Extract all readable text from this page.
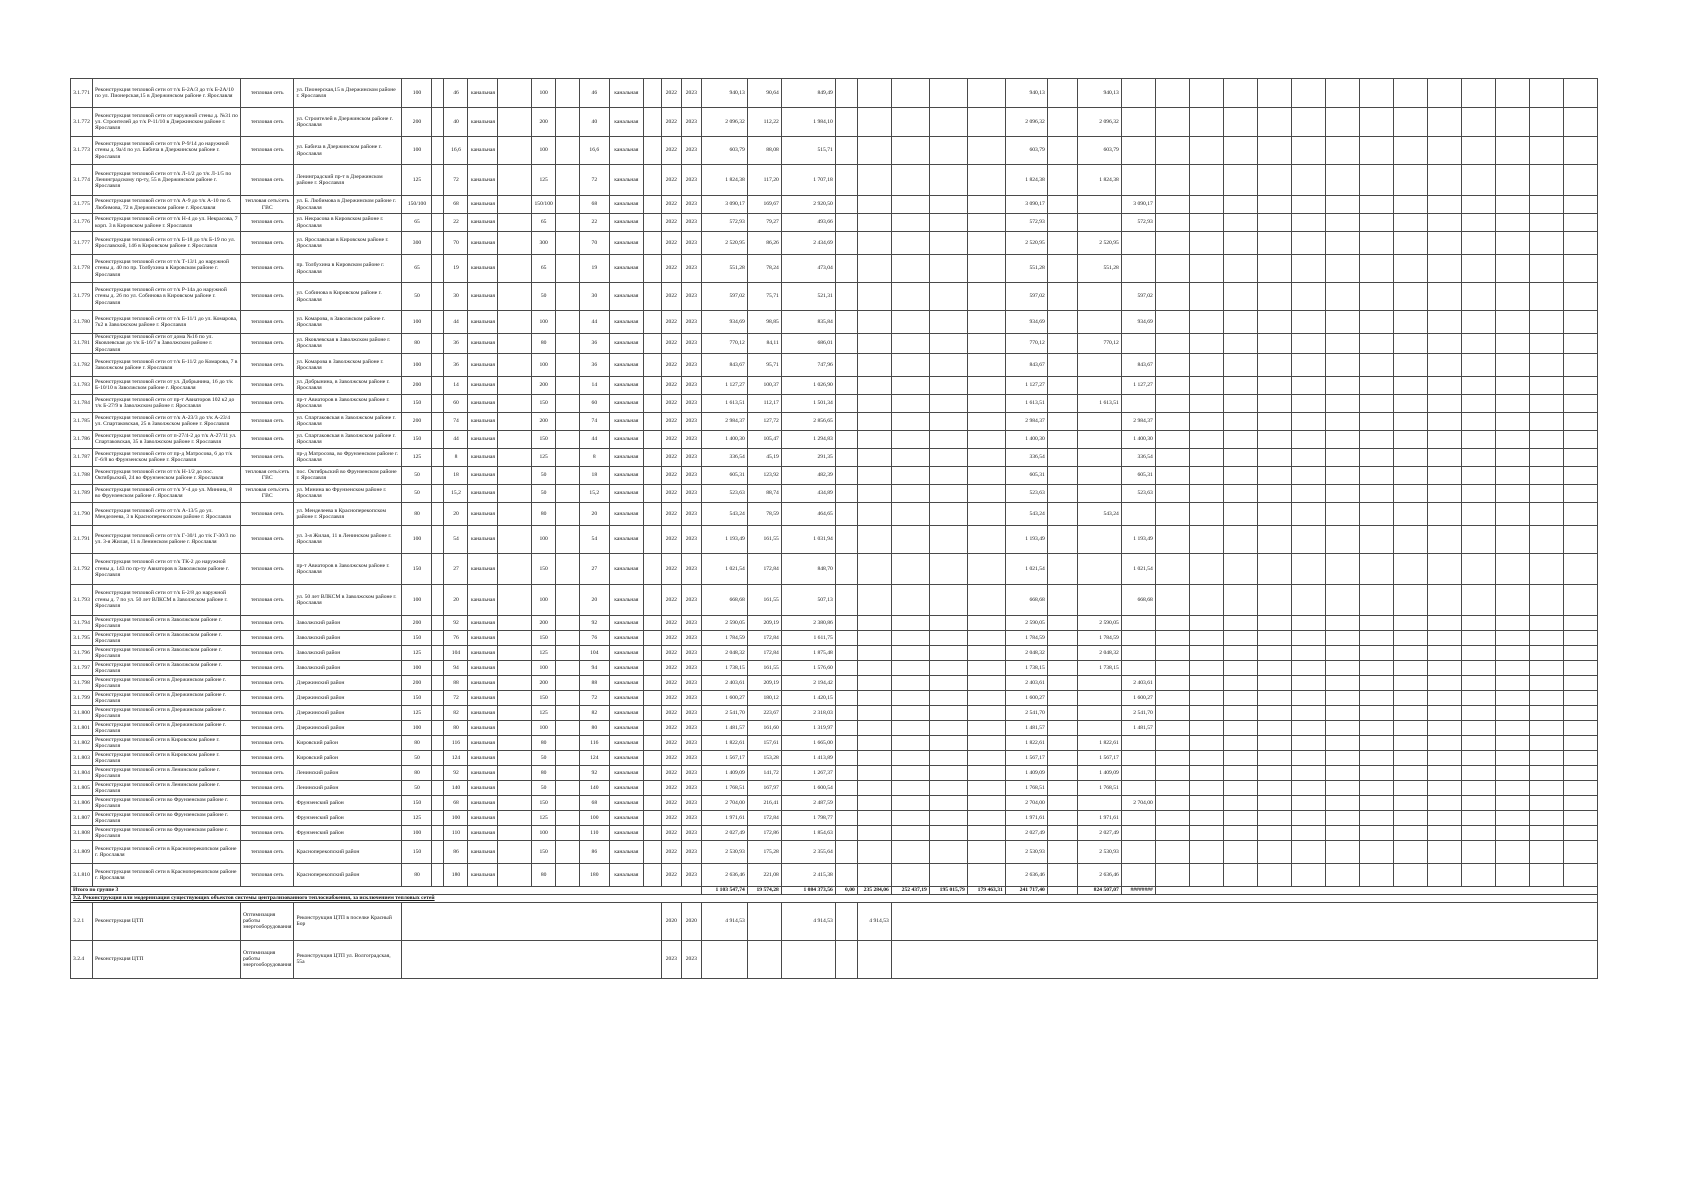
3.1.771	Реконструкция тепловой сети от т/к Б-2А/3 до т/к Б-2А/10 по ул. Пионерская,15 в Дзержинском районе г. Ярославля	тепловая сеть	ул. Пионерская,15 в Дзержинском районе г. Ярославля	100		46	канальная		100		46	канальная		2022	2023	940,13	90,64	849,49						940,13		940,13														
3.1.772	Реконструкция тепловой сети от наружной стены д. №31 по ул. Строителей до т/к Р-11/10 в Дзержинском районе г. Ярославля	тепловая сеть	ул. Строителей в Дзержинском районе г. Ярославля	200		40	канальная		200		40	канальная		2022	2023	2 096,32	112,22	1 984,10						2 096,32		2 096,32														
3.1.773	Реконструкция тепловой сети от т/к Р-9/14 до наружной стены д. 9а/4 по ул. Бабича в Дзержинском районе г. Ярославля	тепловая сеть	ул. Бабича в Дзержинском районе г. Ярославля	100		16,6	канальная		100		16,6	канальная		2022	2023	603,79	88,08	515,71						603,79		603,79														
3.1.774	Реконструкция тепловой сети от т/к Л-1/2 до т/к Л-1/5 по Ленинградскому пр-ту, 55 в Дзержинском районе г. Ярославля	тепловая сеть	Ленинградский пр-т в Дзержинском районе г. Ярославля	125		72	канальная		125		72	канальная		2022	2023	1 824,38	117,20	1 707,18						1 824,38		1 824,38														
3.1.775	Реконструкция тепловой сети от т/к А-9 до т/к А-10 по б. Любимова, 72 в Дзержинском районе г. Ярославля	тепловая сеть/сеть ГВС	ул. Б. Любимова в Дзержинском районе г. Ярославля	150/100		68	канальная		150/100		68	канальная		2022	2023	3 090,17	169,67	2 920,50						3 090,17			3 090,17													
3.1.776	Реконструкция тепловой сети от т/к Н-4 до ул. Некрасова, 7 корп. 3 в Кировском районе г. Ярославля	тепловая сеть	ул. Некрасова в Кировском районе г. Ярославля	65		22	канальная		65		22	канальная		2022	2023	572,93	79,27	493,66						572,93			572,93													
3.1.777	Реконструкция тепловой сети от т/к Б-18 до т/к Б-19 по ул. Ярославской, 146 в Кировском районе г. Ярославля	тепловая сеть	ул. Ярославская в Кировском районе г. Ярославля	300		70	канальная		300		70	канальная		2022	2023	2 520,95	86,26	2 434,69						2 520,95		2 520,95														
3.1.778	Реконструкция тепловой сети от т/к Т-13/1 до наружной стены д. 40 по пр. Толбухина в Кировском районе г. Ярославля	тепловая сеть	пр. Толбухина в Кировском районе г. Ярославля	65		19	канальная		65		19	канальная		2022	2023	551,28	78,24	473,04						551,28		551,28														
3.1.779	Реконструкция тепловой сети от т/к Р-14а до наружной стены д. 26 по ул. Собинова в Кировском районе г. Ярославля	тепловая сеть	ул. Собинова в Кировском районе г. Ярославля	50		30	канальная		50		30	канальная		2022	2023	597,02	75,71	521,31						597,02			597,02													
3.1.780	Реконструкция тепловой сети от т/к Б-11/1 до ул. Комарова, 7к2 в Заволжском районе г. Ярославля	тепловая сеть	ул. Комарова, в Заволжском районе г. Ярославля	100		44	канальная		100		44	канальная		2022	2023	934,69	98,85	835,84						934,69			934,69													
3.1.781	Реконструкция тепловой сети от дома №16 по ул. Яковлевская до т/к Б-16/7 в Заволжском районе г. Ярославля	тепловая сеть	ул. Яковлевская в Заволжском районе г. Ярославля	80		36	канальная		80		36	канальная		2022	2023	770,12	84,11	686,01						770,12		770,12														
3.1.782	Реконструкция тепловой сети от т/к Б-11/2 до Комарова, 7 в Заволжском районе г. Ярославля	тепловая сеть	ул. Комарова в Заволжском районе г. Ярославля	100		36	канальная		100		36	канальная		2022	2023	843,67	95,71	747,96						843,67			843,67													
3.1.783	Реконструкция тепловой сети от ул. Добрынина, 16 до т/к Б-10/10 в Заволжском районе г. Ярославля	тепловая сеть	ул. Добрынина, в Заволжском районе г. Ярославля	200		14	канальная		200		14	канальная		2022	2023	1 127,27	100,37	1 026,90						1 127,27			1 127,27													
3.1.784	Реконструкция тепловой сети от пр-т Авиаторов 102 к2 до т/к Б-27/9 в Заволжском районе г. Ярославля	тепловая сеть	пр-т Авиаторов в Заволжском районе г. Ярославля	150		60	канальная		150		60	канальная		2022	2023	1 613,51	112,17	1 501,34						1 613,51		1 613,51														
3.1.785	Реконструкция тепловой сети от т/к А-23/3 до т/к А-23/4 ул. Спартаковская, 25 в Заволжском районе г. Ярославля	тепловая сеть	ул. Спартаковская в Заволжском районе г. Ярославля	200		74	канальная		200		74	канальная		2022	2023	2 984,37	127,72	2 856,65						2 984,37			2 984,37													
3.1.786	Реконструкция тепловой сети от п-27/4-2 до т/к А-27/11 ул. Спартаковская, 35 в Заволжском районе г. Ярославля	тепловая сеть	ул. Спартаковская в Заволжском районе г. Ярославля	150		44	канальная		150		44	канальная		2022	2023	1 400,30	105,47	1 294,83						1 400,30			1 400,30													
3.1.787	Реконструкция тепловой сети от пр-д Матросова, 6 до т/к Г-6/8 во Фрунзенском районе г. Ярославля	тепловая сеть	пр-д Матросова, во Фрунзенском районе г. Ярославля	125		8	канальная		125		8	канальная		2022	2023	336,54	45,19	291,35						336,54			336,54													
3.1.788	Реконструкция тепловой сети от т/к Н-1/2 до пос. Октябрьский, 24 во Фрунзенском районе г. Ярославля	тепловая сеть/сеть ГВС	пос. Октябрьский во Фрунзенском районе г. Ярославля	50		18	канальная		50		18	канальная		2022	2023	605,31	123,92	482,39						605,31			605,31													
3.1.789	Реконструкция тепловой сети от т/к У-4 до ул. Минина, 8 во Фрунзенском районе г. Ярославля	тепловая сеть/сеть ГВС	ул. Минина во Фрунзенском районе г. Ярославля	50		15,2	канальная		50		15,2	канальная		2022	2023	523,63	88,74	434,89						523,63			523,63													
3.1.790	Реконструкция тепловой сети от т/к А-13/5 до ул. Менделеева, 3 в Красноперекопском районе г. Ярославля	тепловая сеть	ул. Менделеева в Красноперекопском районе г. Ярославля	80		20	канальная		80		20	канальная		2022	2023	543,24	78,59	464,65						543,24		543,24														
3.1.791	Реконструкция тепловой сети от т/к Г-30/1 до т/к Г-30/3 по ул. 3-я Жилая, 11 в Ленинском районе г. Ярославля	тепловая сеть	ул. 3-я Жилая, 11 в Ленинском районе г. Ярославля	100		54	канальная		100		54	канальная		2022	2023	1 193,49	161,55	1 031,94						1 193,49			1 193,49													
3.1.792	Реконструкция тепловой сети от т/к ТК-2 до наружной стены д. 143 по пр-ту Авиаторов в Заволжском районе г. Ярославля	тепловая сеть	пр-т Авиаторов в Заволжском районе г. Ярославля	150		27	канальная		150		27	канальная		2022	2023	1 021,54	172,84	848,70						1 021,54			1 021,54													
3.1.793	Реконструкция тепловой сети от т/к Б-2/8 до наружной стены д. 7 по ул. 50 лет ВЛКСМ в Заволжском районе г. Ярославля	тепловая сеть	ул. 50 лет ВЛКСМ в Заволжском районе г. Ярославля	100		20	канальная		100		20	канальная		2022	2023	668,68	161,55	507,13						668,68			668,68													
3.1.794	Реконструкция тепловой сети в Заволжском районе г. Ярославля	тепловая сеть	Заволжский район	200		92	канальная		200		92	канальная		2022	2023	2 590,05	209,19	2 380,86						2 590,05		2 590,05														
3.1.795	Реконструкция тепловой сети в Заволжском районе г. Ярославля	тепловая сеть	Заволжский район	150		76	канальная		150		76	канальная		2022	2023	1 784,59	172,84	1 611,75						1 784,59		1 784,59														
3.1.796	Реконструкция тепловой сети в Заволжском районе г. Ярославля	тепловая сеть	Заволжский район	125		104	канальная		125		104	канальная		2022	2023	2 048,32	172,84	1 875,48						2 048,32		2 048,32														
3.1.797	Реконструкция тепловой сети в Заволжском районе г. Ярославля	тепловая сеть	Заволжский район	100		94	канальная		100		94	канальная		2022	2023	1 738,15	161,55	1 576,60						1 738,15		1 738,15														
3.1.798	Реконструкция тепловой сети в Дзержинском районе г. Ярославля	тепловая сеть	Дзержинский район	200		88	канальная		200		88	канальная		2022	2023	2 403,61	209,19	2 194,42						2 403,61			2 403,61													
3.1.799	Реконструкция тепловой сети в Дзержинском районе г. Ярославля	тепловая сеть	Дзержинский район	150		72	канальная		150		72	канальная		2022	2023	1 600,27	180,12	1 420,15						1 600,27			1 600,27													
3.1.800	Реконструкция тепловой сети в Дзержинском районе г. Ярославля	тепловая сеть	Дзержинский район	125		82	канальная		125		82	канальная		2022	2023	2 541,70	223,67	2 318,03						2 541,70			2 541,70													
3.1.801	Реконструкция тепловой сети в Дзержинском районе г. Ярославля	тепловая сеть	Дзержинский район	100		80	канальная		100		80	канальная		2022	2023	1 481,57	161,60	1 319,97						1 481,57			1 481,57													
3.1.802	Реконструкция тепловой сети в Кировском районе г. Ярославля	тепловая сеть	Кировский район	80		116	канальная		80		116	канальная		2022	2023	1 822,61	157,61	1 665,00						1 822,61		1 822,61														
3.1.803	Реконструкция тепловой сети в Кировском районе г. Ярославля	тепловая сеть	Кировский район	50		124	канальная		50		124	канальная		2022	2023	1 567,17	153,28	1 413,89						1 567,17		1 567,17														
3.1.804	Реконструкция тепловой сети в Ленинском районе г. Ярославля	тепловая сеть	Ленинский район	80		92	канальная		80		92	канальная		2022	2023	1 409,09	141,72	1 267,37						1 409,09		1 409,09														
3.1.805	Реконструкция тепловой сети в Ленинском районе г. Ярославля	тепловая сеть	Ленинский район	50		140	канальная		50		140	канальная		2022	2023	1 768,51	167,97	1 600,54						1 768,51		1 768,51														
3.1.806	Реконструкция тепловой сети во Фрунзенском районе г. Ярославля	тепловая сеть	Фрунзенский район	150		68	канальная		150		68	канальная		2022	2023	2 704,00	216,41	2 487,59						2 704,00			2 704,00													
3.1.807	Реконструкция тепловой сети во Фрунзенском районе г. Ярославля	тепловая сеть	Фрунзенский район	125		100	канальная		125		100	канальная		2022	2023	1 971,61	172,84	1 798,77						1 971,61		1 971,61														
3.1.808	Реконструкция тепловой сети во Фрунзенском районе г. Ярославля	тепловая сеть	Фрунзенский район	100		110	канальная		100		110	канальная		2022	2023	2 027,49	172,86	1 854,63						2 027,49		2 027,49														
3.1.809	Реконструкция тепловой сети в Красноперекопском районе г. Ярославля	тепловая сеть	Красноперекопский район	150		86	канальная		150		86	канальная		2022	2023	2 530,93	175,28	2 355,64						2 530,93		2 530,93														
3.1.810	Реконструкция тепловой сети в Красноперекопском районе г. Ярославля	тепловая сеть	Красноперекопский район	80		180	канальная		80		180	канальная		2022	2023	2 636,46	221,08	2 415,38						2 636,46		2 636,46														
Итого по группе 3																1 103 547,74	19 574,28	1 084 373,56	0,00	235 284,06	252 437,19	195 015,79	179 463,31	241 717,40		824 507,07	########													
3.2. Реконструкция или модернизация существующих объектов системы централизованного теплоснабжения, за исключением тепловых сетей																																								
3.2.1	Реконструкция ЦТП	Оптимизация работы энергооборудования	Реконструкция ЦТП в поселке Красный Бор											2020	2020	4 914,53		4 914,53		4 914,53																				
3.2.4	Реконструкция ЦТП	Оптимизация работы энергооборудования	Реконструкция ЦТП ул. Волгоградская, 55а											2023	2023																									
